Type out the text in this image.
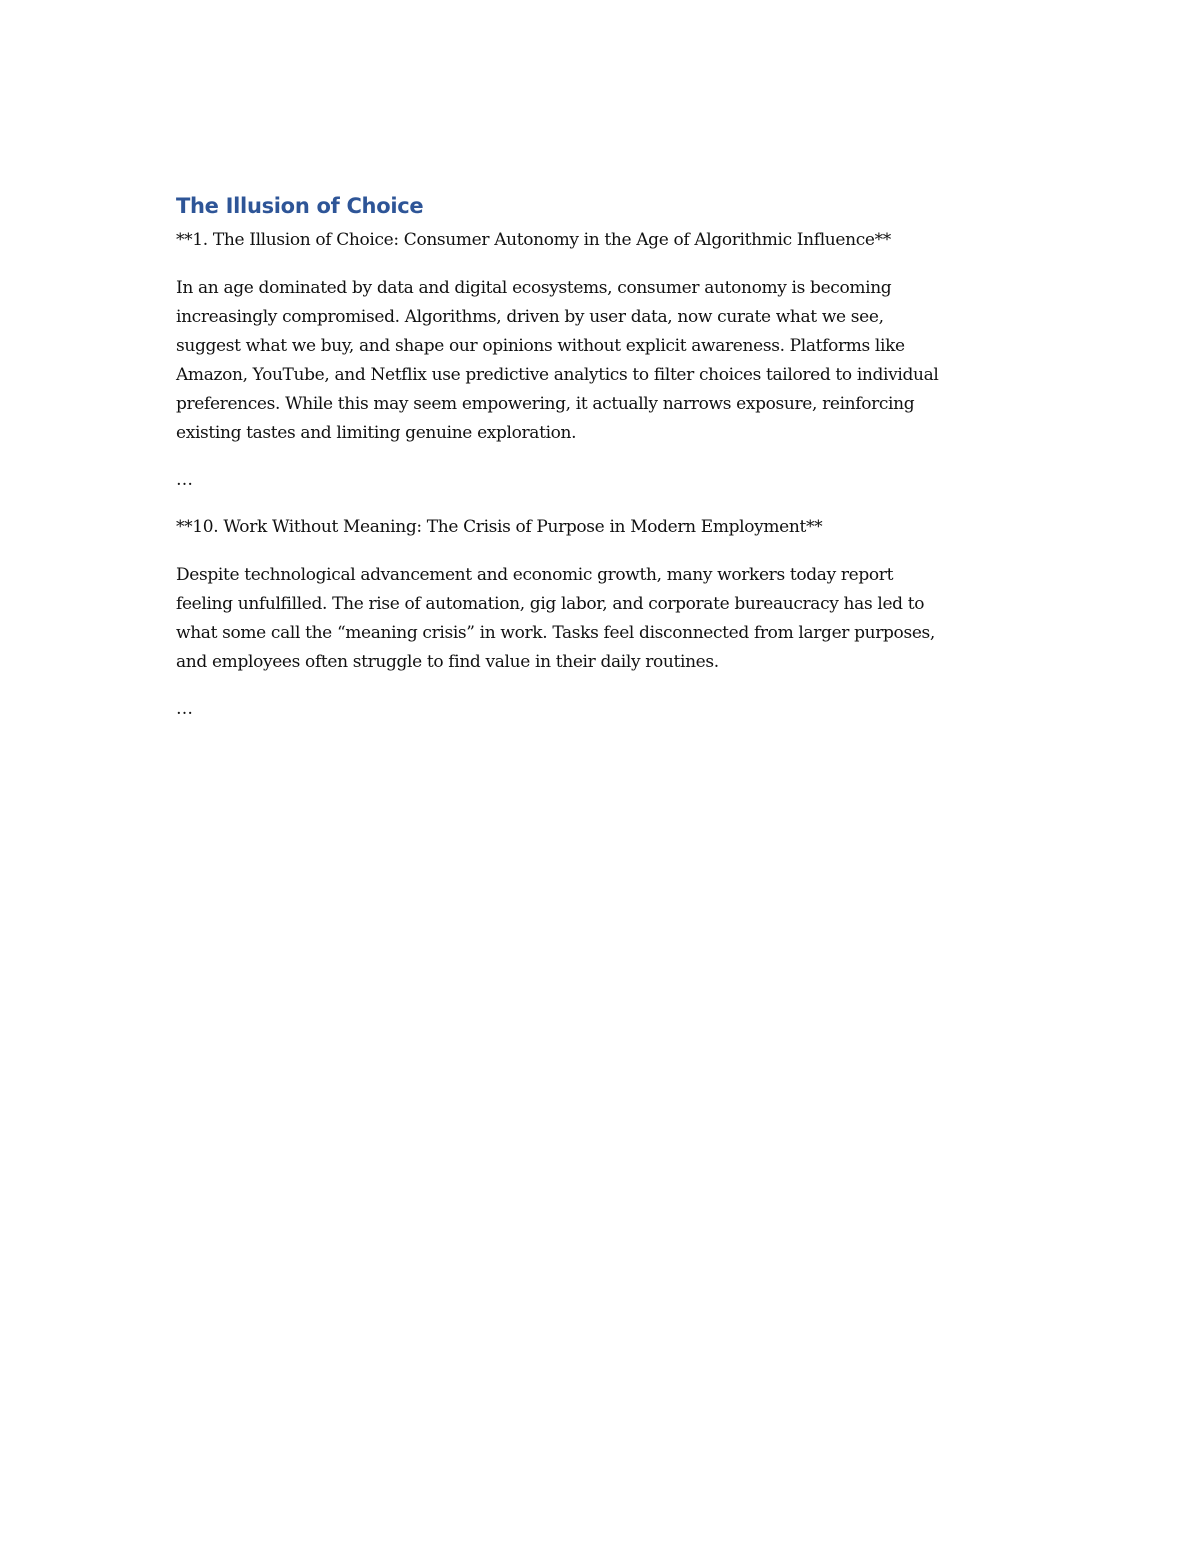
The Illusion of Choice

**1. The Illusion of Choice: Consumer Autonomy in the Age of Algorithmic Influence**

In an age dominated by data and digital ecosystems, consumer autonomy is becoming

increasingly compromised. Algorithms, driven by user data, now curate what we see,

suggest what we buy, and shape our opinions without explicit awareness. Platforms like

Amazon, YouTube, and Netflix use predictive analytics to filter choices tailored to individual

preferences. While this may seem empowering, it actually narrows exposure, reinforcing

existing tastes and limiting genuine exploration.

…

**10. Work Without Meaning: The Crisis of Purpose in Modern Employment**

Despite technological advancement and economic growth, many workers today report

feeling unfulfilled. The rise of automation, gig labor, and corporate bureaucracy has led to

what some call the “meaning crisis” in work. Tasks feel disconnected from larger purposes,

and employees often struggle to find value in their daily routines.

…
